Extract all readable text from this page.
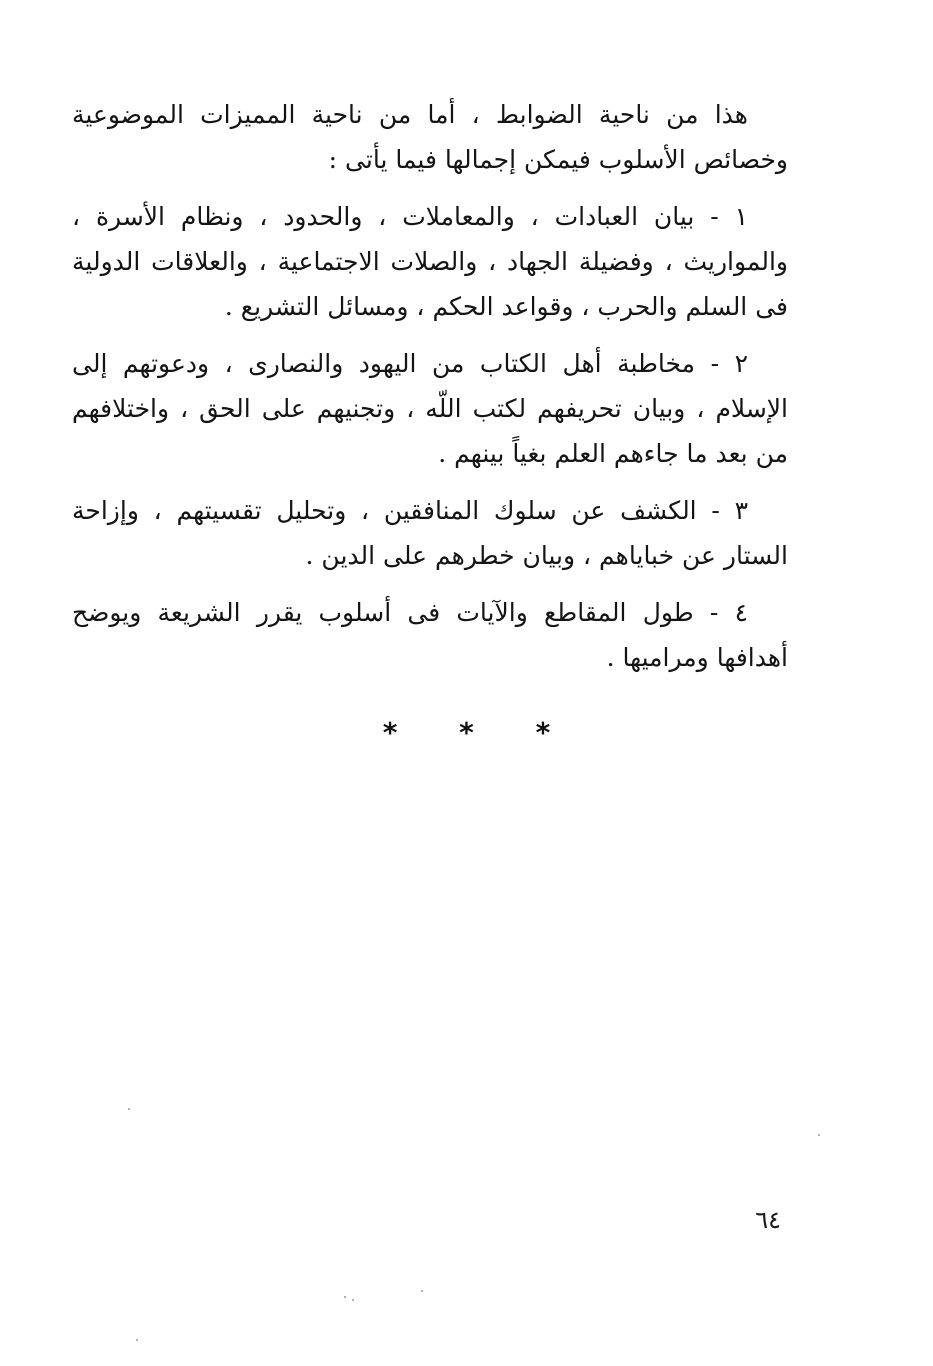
هذا من ناحية الضوابط ، أما من ناحية المميزات الموضوعية وخصائص الأسلوب فيمكن إجمالها فيما يأتى :

١ - بيان العبادات ، والمعاملات ، والحدود ، ونظام الأسرة ، والمواريث ، وفضيلة الجهاد ، والصلات الاجتماعية ، والعلاقات الدولية فى السلم والحرب ، وقواعد الحكم ، ومسائل التشريع .

٢ - مخاطبة أهل الكتاب من اليهود والنصارى ، ودعوتهم إلى الإسلام ، وبيان تحريفهم لكتب اللّه ، وتجنيهم على الحق ، واختلافهم من بعد ما جاءهم العلم بغياً بينهم .

٣ - الكشف عن سلوك المنافقين ، وتحليل تقسيتهم ، وإزاحة الستار عن خباياهم ، وبيان خطرهم على الدين .

٤ - طول المقاطع والآيات فى أسلوب يقرر الشريعة ويوضح أهدافها ومراميها .

* * *
٦٤
